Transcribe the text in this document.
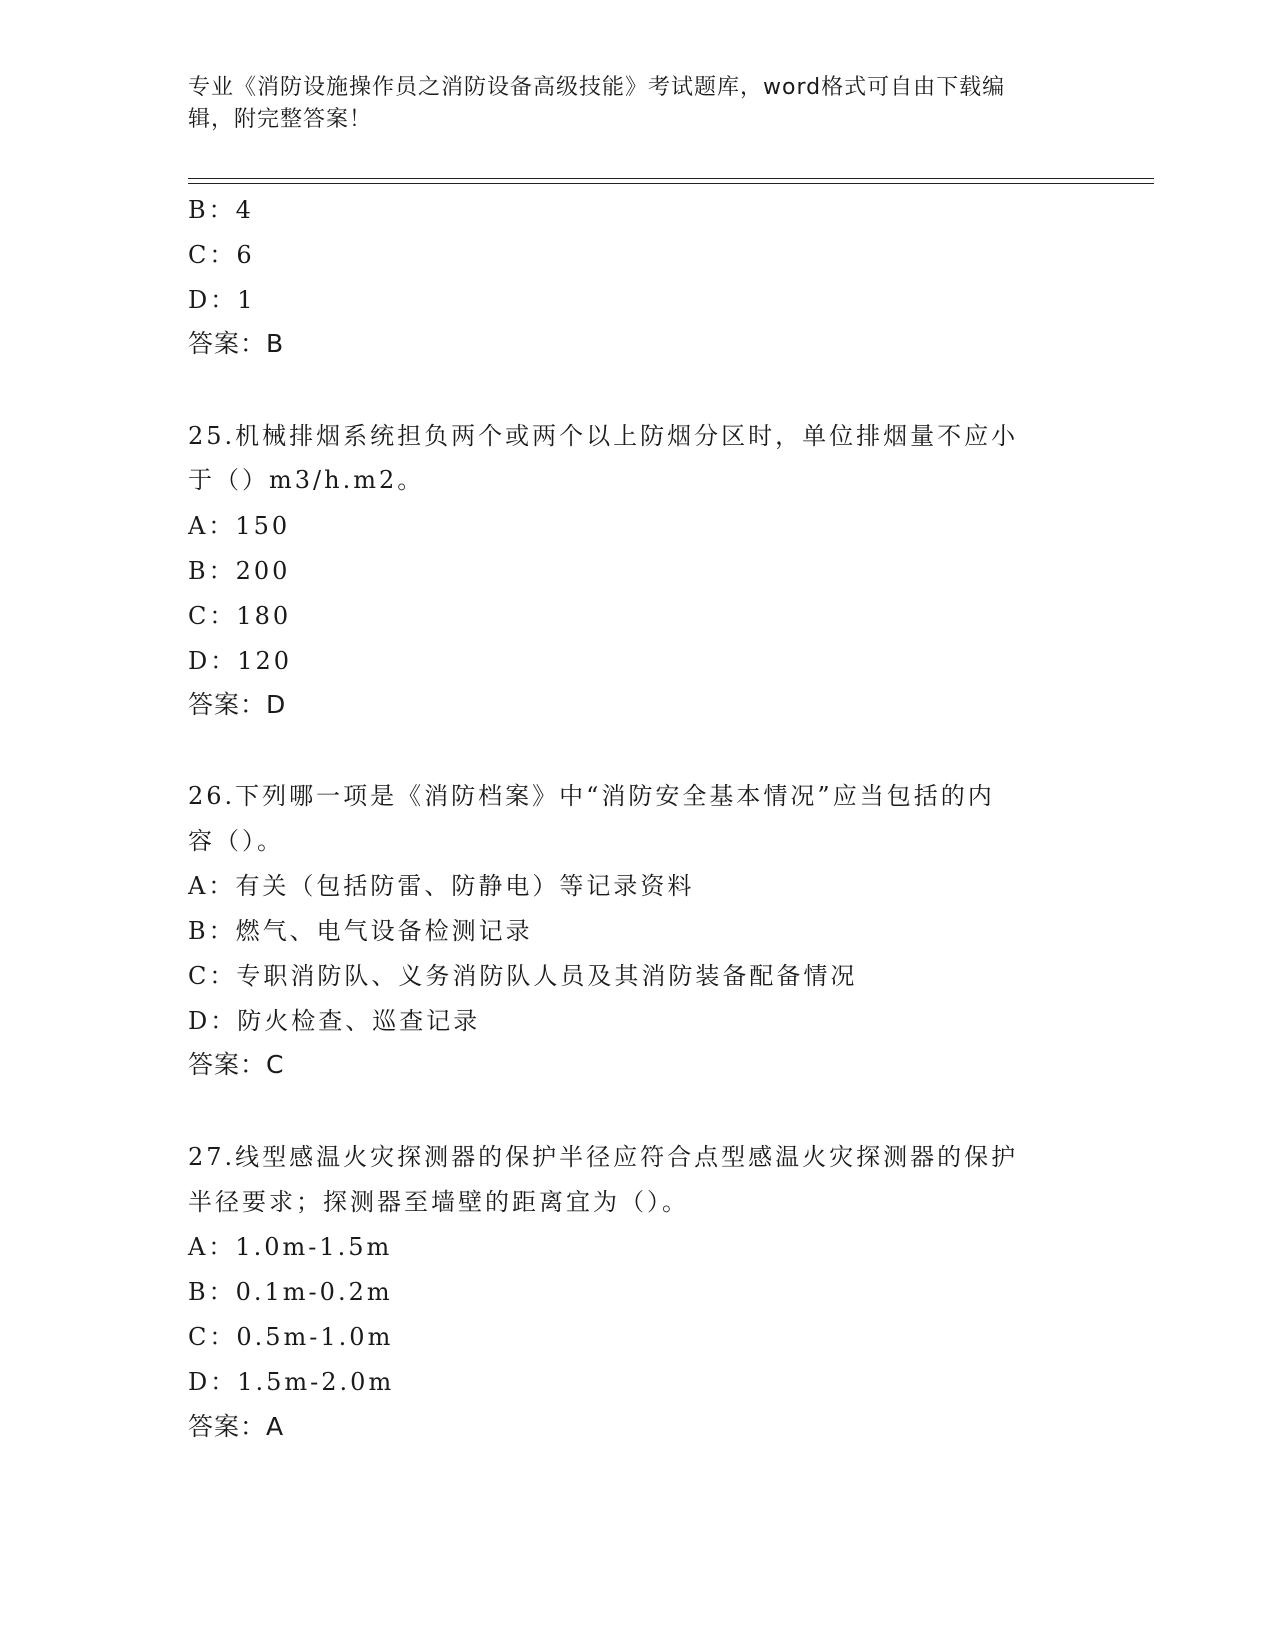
专业《消防设施操作员之消防设备高级技能》考试题库，word格式可自由下载编
辑，附完整答案！
B：4
C：6
D：1
答案：B
25.机械排烟系统担负两个或两个以上防烟分区时，单位排烟量不应小
于（）m3/h.m2。
A：150
B：200
C：180
D：120
答案：D
26.下列哪一项是《消防档案》中“消防安全基本情况”应当包括的内
容（）。
A：有关（包括防雷、防静电）等记录资料
B：燃气、电气设备检测记录
C：专职消防队、义务消防队人员及其消防装备配备情况
D：防火检查、巡查记录
答案：C
27.线型感温火灾探测器的保护半径应符合点型感温火灾探测器的保护
半径要求；探测器至墙壁的距离宜为（）。
A：1.0m-1.5m
B：0.1m-0.2m
C：0.5m-1.0m
D：1.5m-2.0m
答案：A
